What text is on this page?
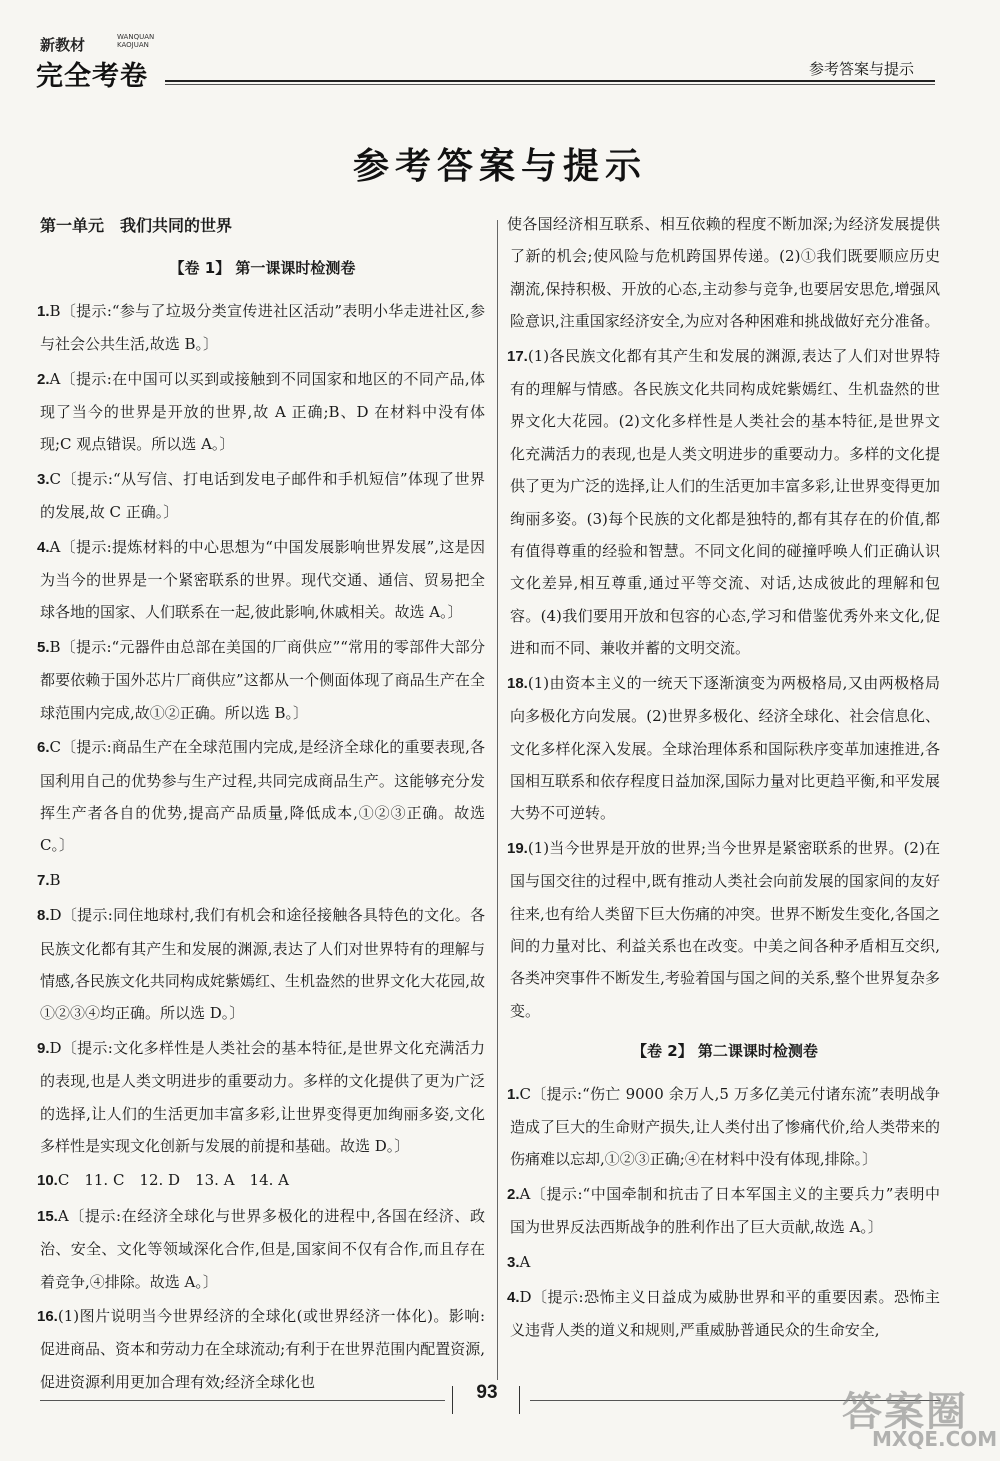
新教材	WANQUAN
KAOJUAN
完全考卷	参考答案与提示
参考答案与提示
第一单元　我们共同的世界
【卷 1】 第一课课时检测卷
1.B〔提示:“参与了垃圾分类宣传进社区活动”表明小华走进社区,参与社会公共生活,故选 B。〕
2.A〔提示:在中国可以买到或接触到不同国家和地区的不同产品,体现了当今的世界是开放的世界,故 A 正确;B、D 在材料中没有体现;C 观点错误。所以选 A。〕
3.C〔提示:“从写信、打电话到发电子邮件和手机短信”体现了世界的发展,故 C 正确。〕
4.A〔提示:提炼材料的中心思想为“中国发展影响世界发展”,这是因为当今的世界是一个紧密联系的世界。现代交通、通信、贸易把全球各地的国家、人们联系在一起,彼此影响,休戚相关。故选 A。〕
5.B〔提示:“元器件由总部在美国的厂商供应”“常用的零部件大部分都要依赖于国外芯片厂商供应”这都从一个侧面体现了商品生产在全球范围内完成,故①②正确。所以选 B。〕
6.C〔提示:商品生产在全球范围内完成,是经济全球化的重要表现,各国利用自己的优势参与生产过程,共同完成商品生产。这能够充分发挥生产者各自的优势,提高产品质量,降低成本,①②③正确。故选 C。〕
7.B
8.D〔提示:同住地球村,我们有机会和途径接触各具特色的文化。各民族文化都有其产生和发展的渊源,表达了人们对世界特有的理解与情感,各民族文化共同构成姹紫嫣红、生机盎然的世界文化大花园,故①②③④均正确。所以选 D。〕
9.D〔提示:文化多样性是人类社会的基本特征,是世界文化充满活力的表现,也是人类文明进步的重要动力。多样的文化提供了更为广泛的选择,让人们的生活更加丰富多彩,让世界变得更加绚丽多姿,文化多样性是实现文化创新与发展的前提和基础。故选 D。〕
10.C　11. C　12. D　13. A　14. A
15.A〔提示:在经济全球化与世界多极化的进程中,各国在经济、政治、安全、文化等领域深化合作,但是,国家间不仅有合作,而且存在着竞争,④排除。故选 A。〕
16.(1)图片说明当今世界经济的全球化(或世界经济一体化)。影响:促进商品、资本和劳动力在全球流动;有利于在世界范围内配置资源,促进资源利用更加合理有效;经济全球化也
使各国经济相互联系、相互依赖的程度不断加深;为经济发展提供了新的机会;使风险与危机跨国界传递。(2)①我们既要顺应历史潮流,保持积极、开放的心态,主动参与竞争,也要居安思危,增强风险意识,注重国家经济安全,为应对各种困难和挑战做好充分准备。
17.(1)各民族文化都有其产生和发展的渊源,表达了人们对世界特有的理解与情感。各民族文化共同构成姹紫嫣红、生机盎然的世界文化大花园。(2)文化多样性是人类社会的基本特征,是世界文化充满活力的表现,也是人类文明进步的重要动力。多样的文化提供了更为广泛的选择,让人们的生活更加丰富多彩,让世界变得更加绚丽多姿。(3)每个民族的文化都是独特的,都有其存在的价值,都有值得尊重的经验和智慧。不同文化间的碰撞呼唤人们正确认识文化差异,相互尊重,通过平等交流、对话,达成彼此的理解和包容。(4)我们要用开放和包容的心态,学习和借鉴优秀外来文化,促进和而不同、兼收并蓄的文明交流。
18.(1)由资本主义的一统天下逐渐演变为两极格局,又由两极格局向多极化方向发展。(2)世界多极化、经济全球化、社会信息化、文化多样化深入发展。全球治理体系和国际秩序变革加速推进,各国相互联系和依存程度日益加深,国际力量对比更趋平衡,和平发展大势不可逆转。
19.(1)当今世界是开放的世界;当今世界是紧密联系的世界。(2)在国与国交往的过程中,既有推动人类社会向前发展的国家间的友好往来,也有给人类留下巨大伤痛的冲突。世界不断发生变化,各国之间的力量对比、利益关系也在改变。中美之间各种矛盾相互交织,各类冲突事件不断发生,考验着国与国之间的关系,整个世界复杂多变。
【卷 2】 第二课课时检测卷
1.C〔提示:“伤亡 9000 余万人,5 万多亿美元付诸东流”表明战争造成了巨大的生命财产损失,让人类付出了惨痛代价,给人类带来的伤痛难以忘却,①②③正确;④在材料中没有体现,排除。〕
2.A〔提示:“中国牵制和抗击了日本军国主义的主要兵力”表明中国为世界反法西斯战争的胜利作出了巨大贡献,故选 A。〕
3.A
4.D〔提示:恐怖主义日益成为威胁世界和平的重要因素。恐怖主义违背人类的道义和规则,严重威胁普通民众的生命安全,
93	答案圈
MXQE.COM
